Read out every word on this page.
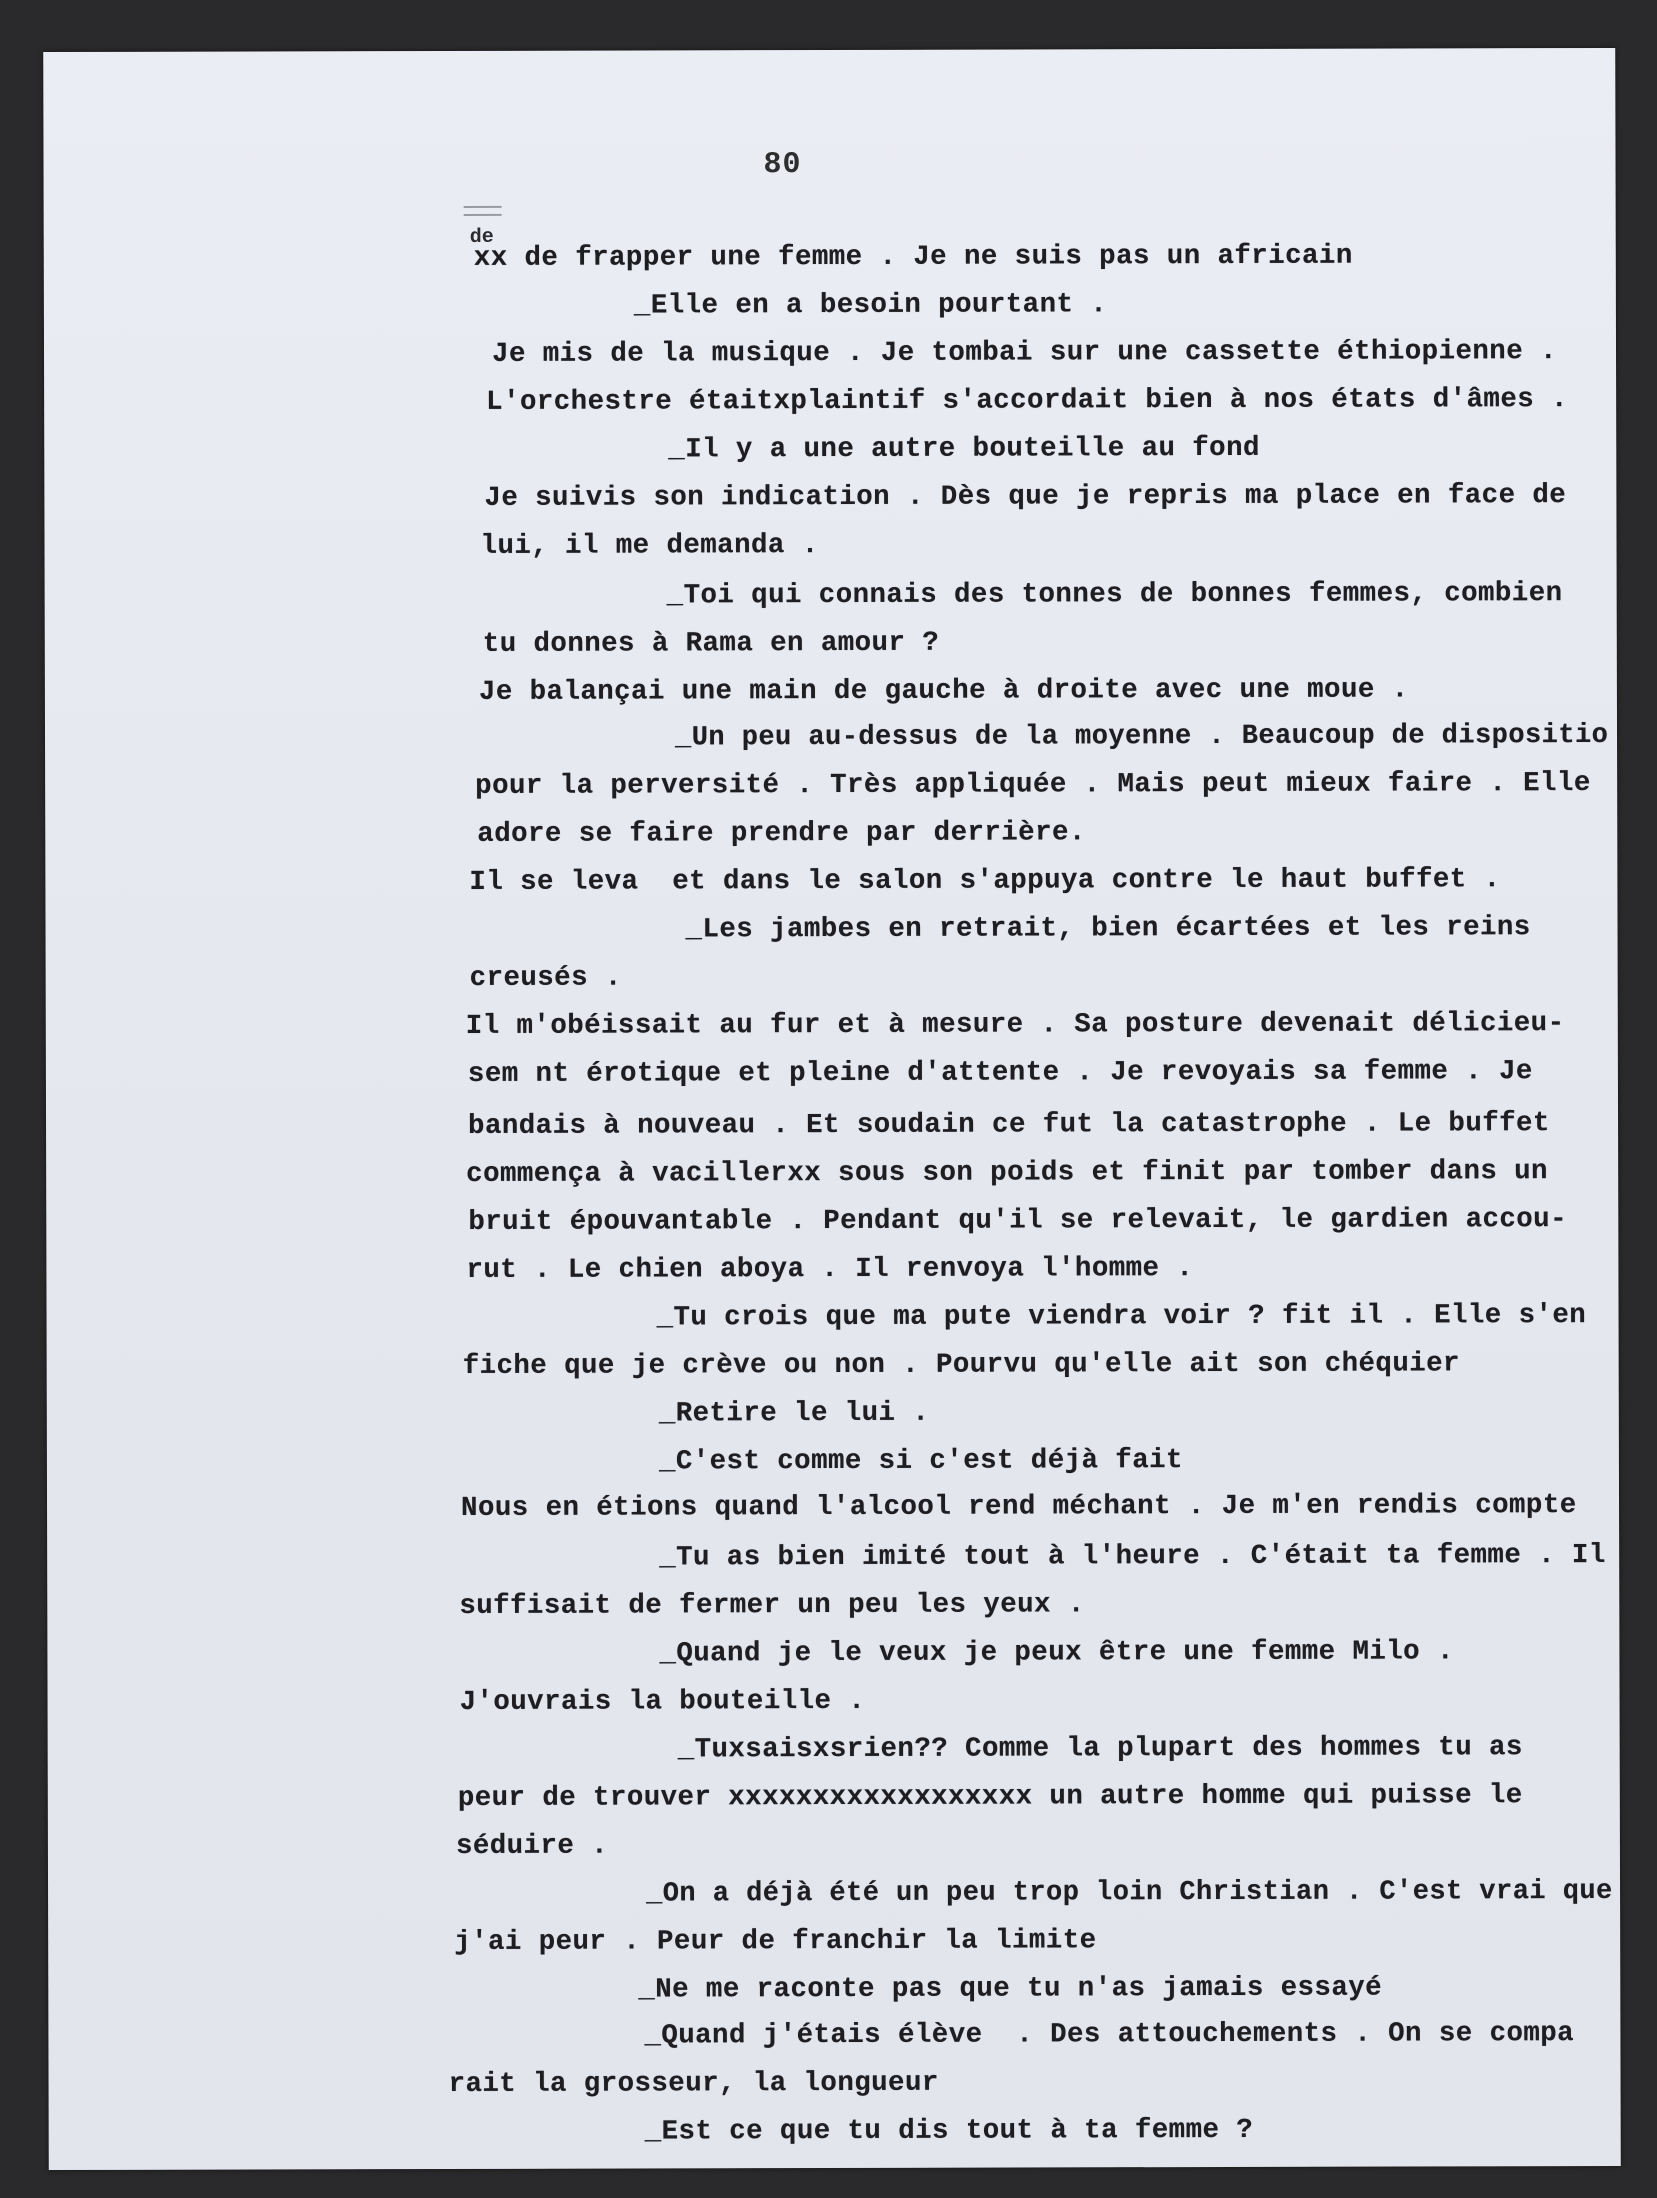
80
de
xx de frapper une femme . Je ne suis pas un africain
_Elle en a besoin pourtant .
Je mis de la musique . Je tombai sur une cassette éthiopienne .
L'orchestre étaitxplaintif s'accordait bien à nos états d'âmes .
_Il y a une autre bouteille au fond
Je suivis son indication . Dès que je repris ma place en face de
lui, il me demanda .
_Toi qui connais des tonnes de bonnes femmes, combien
tu donnes à Rama en amour ?
Je balançai une main de gauche à droite avec une moue .
_Un peu au-dessus de la moyenne . Beaucoup de dispositio
pour la perversité . Très appliquée . Mais peut mieux faire . Elle
adore se faire prendre par derrière.
Il se leva  et dans le salon s'appuya contre le haut buffet .
_Les jambes en retrait, bien écartées et les reins
creusés .
Il m'obéissait au fur et à mesure . Sa posture devenait délicieu-
sem nt érotique et pleine d'attente . Je revoyais sa femme . Je
bandais à nouveau . Et soudain ce fut la catastrophe . Le buffet
commença à vacillerxx sous son poids et finit par tomber dans un
bruit épouvantable . Pendant qu'il se relevait, le gardien accou-
rut . Le chien aboya . Il renvoya l'homme .
_Tu crois que ma pute viendra voir ? fit il . Elle s'en
fiche que je crève ou non . Pourvu qu'elle ait son chéquier
_Retire le lui .
_C'est comme si c'est déjà fait
Nous en étions quand l'alcool rend méchant . Je m'en rendis compte
_Tu as bien imité tout à l'heure . C'était ta femme . Il
suffisait de fermer un peu les yeux .
_Quand je le veux je peux être une femme Milo .
J'ouvrais la bouteille .
_Tuxsaisxsrien?? Comme la plupart des hommes tu as
peur de trouver xxxxxxxxxxxxxxxxxx un autre homme qui puisse le
séduire .
_On a déjà été un peu trop loin Christian . C'est vrai que
j'ai peur . Peur de franchir la limite
_Ne me raconte pas que tu n'as jamais essayé
_Quand j'étais élève  . Des attouchements . On se compa
rait la grosseur, la longueur
_Est ce que tu dis tout à ta femme ?
